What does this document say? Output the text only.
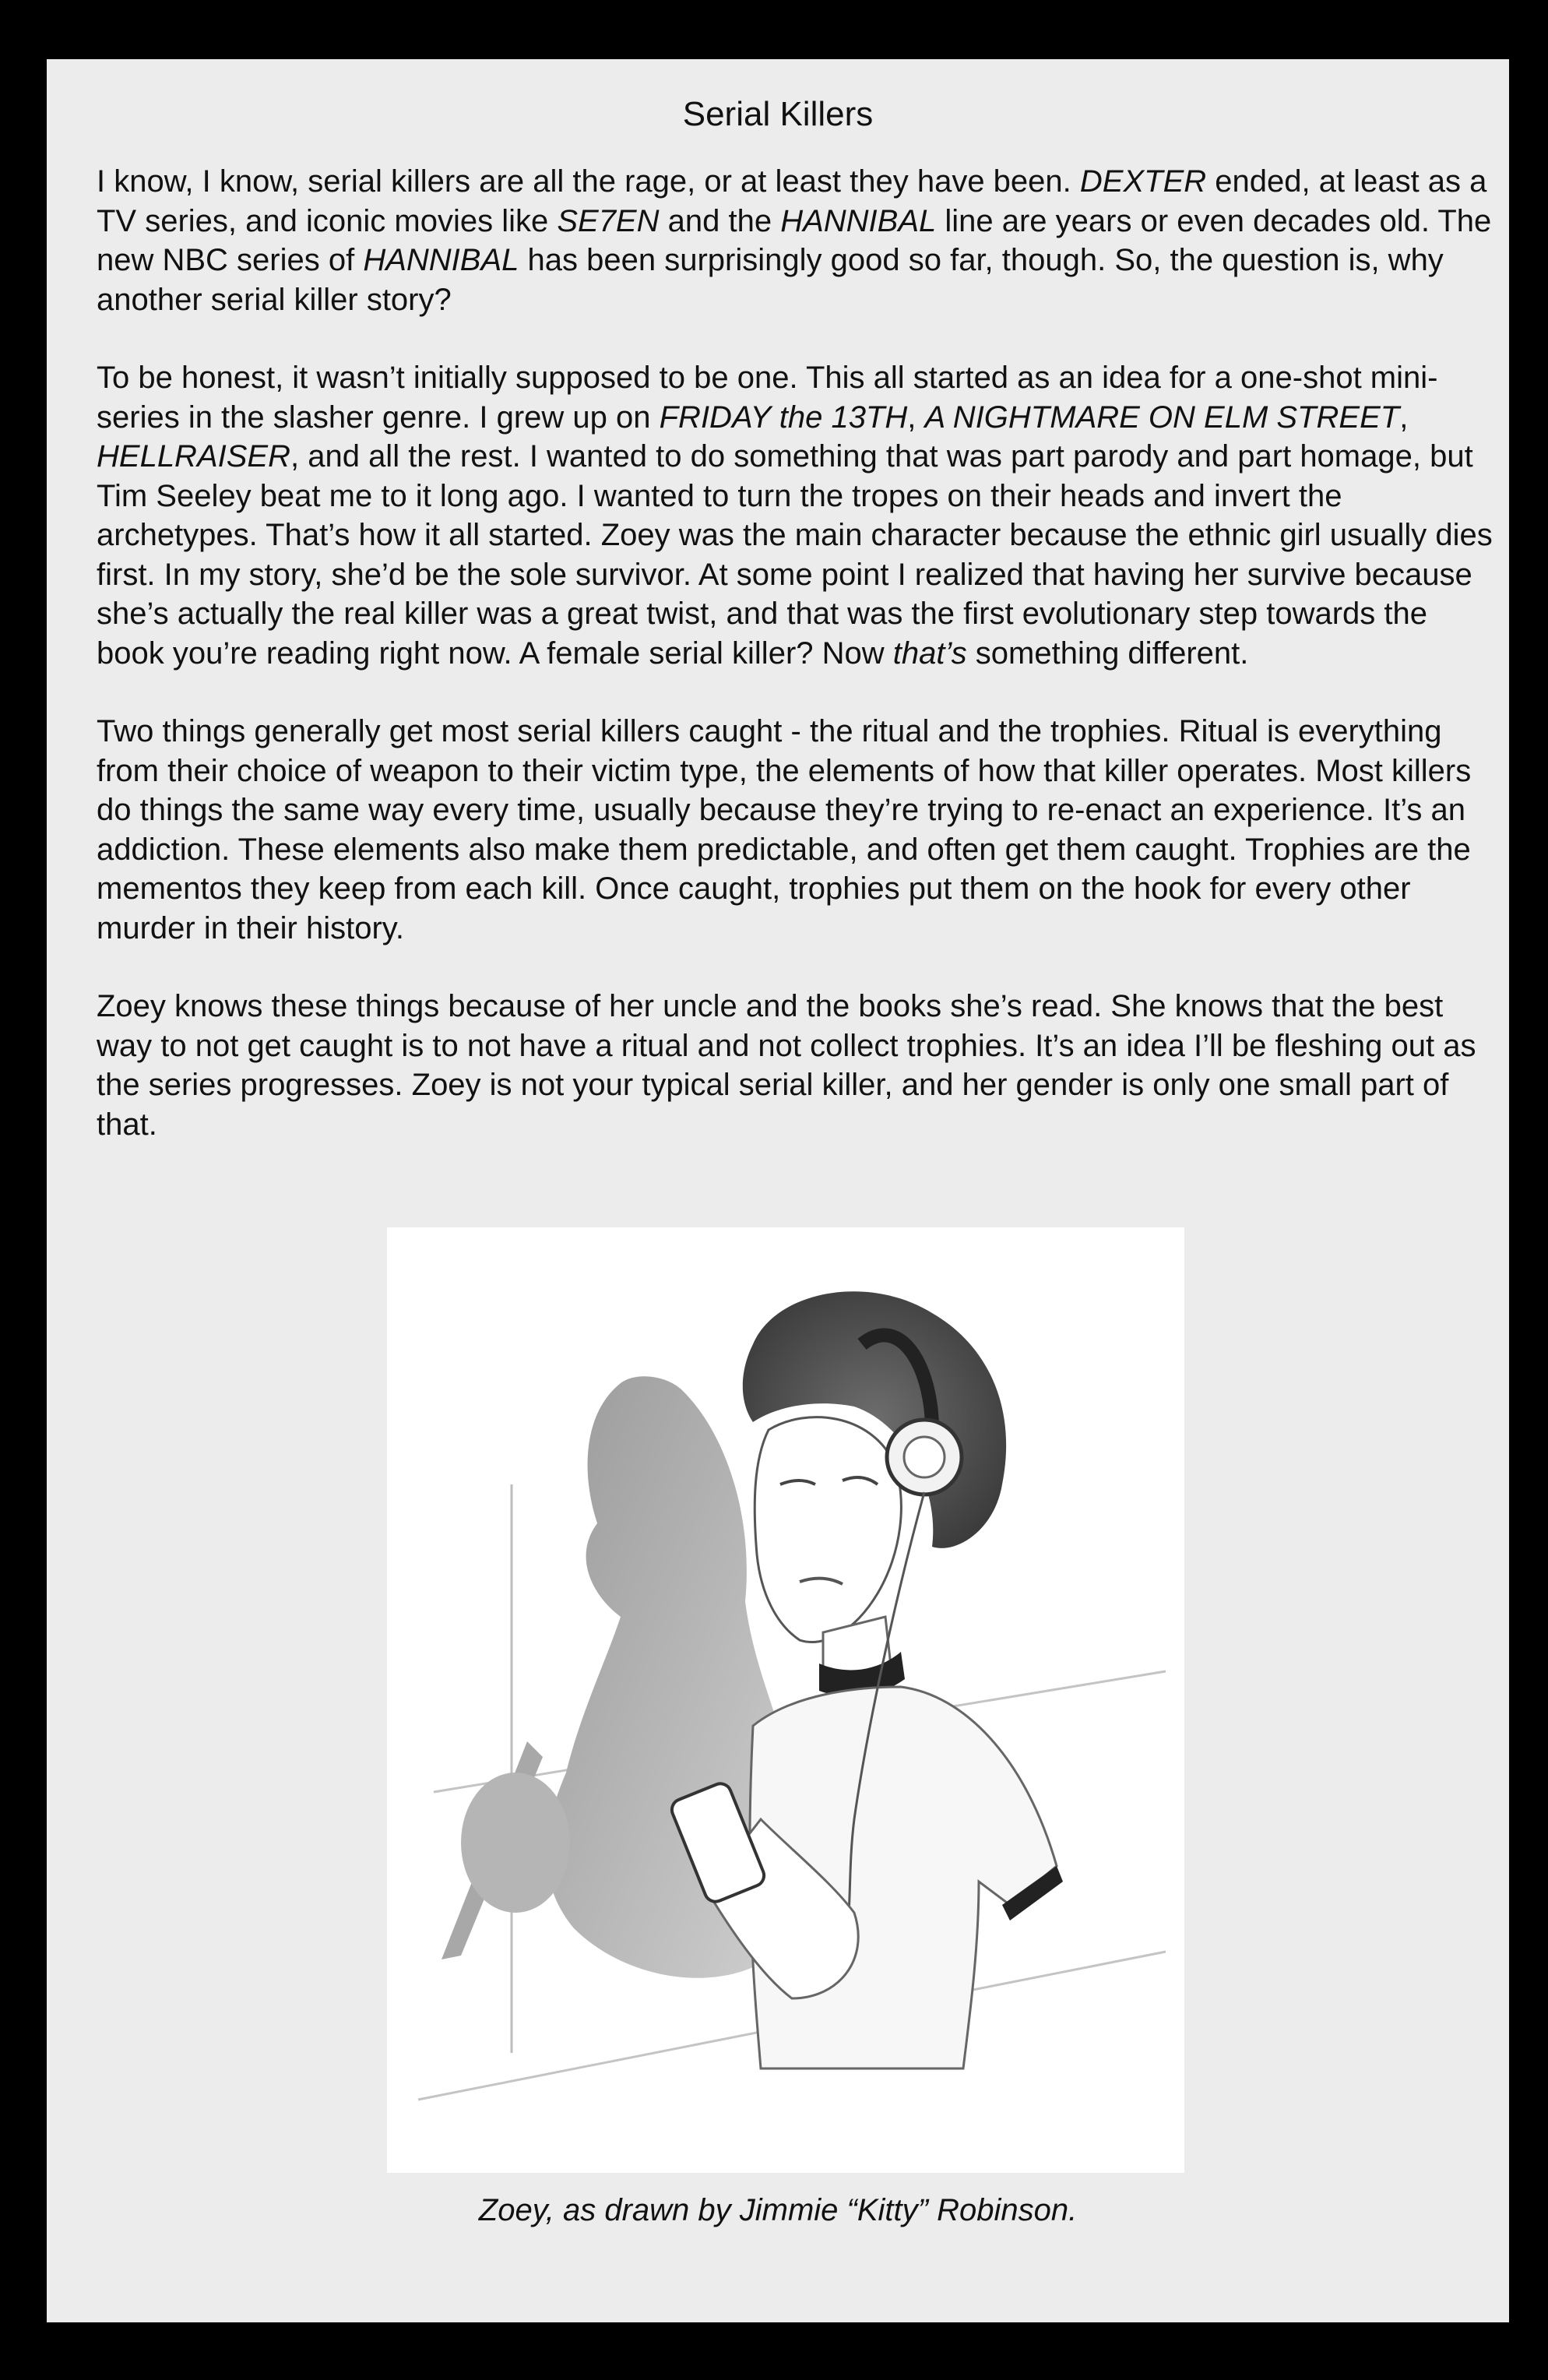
Serial Killers

I know, I know, serial killers are all the rage, or at least they have been. DEXTER ended, at least as a TV series, and iconic movies like SE7EN and the HANNIBAL line are years or even decades old. The new NBC series of HANNIBAL has been surprisingly good so far, though. So, the question is, why another serial killer story?

To be honest, it wasn’t initially supposed to be one. This all started as an idea for a one-shot mini-series in the slasher genre. I grew up on FRIDAY the 13TH, A NIGHTMARE ON ELM STREET, HELLRAISER, and all the rest. I wanted to do something that was part parody and part homage, but Tim Seeley beat me to it long ago. I wanted to turn the tropes on their heads and invert the archetypes. That’s how it all started. Zoey was the main character because the ethnic girl usually dies first. In my story, she’d be the sole survivor. At some point I realized that having her survive because she’s actually the real killer was a great twist, and that was the first evolutionary step towards the book you’re reading right now. A female serial killer? Now that’s something different.

Two things generally get most serial killers caught - the ritual and the trophies. Ritual is everything from their choice of weapon to their victim type, the elements of how that killer operates. Most killers do things the same way every time, usually because they’re trying to re-enact an experience. It’s an addiction. These elements also make them predictable, and often get them caught. Trophies are the mementos they keep from each kill. Once caught, trophies put them on the hook for every other murder in their history.

Zoey knows these things because of her uncle and the books she’s read. She knows that the best way to not get caught is to not have a ritual and not collect trophies. It’s an idea I’ll be fleshing out as the series progresses. Zoey is not your typical serial killer, and her gender is only one small part of that.

Zoey, as drawn by Jimmie “Kitty” Robinson.
